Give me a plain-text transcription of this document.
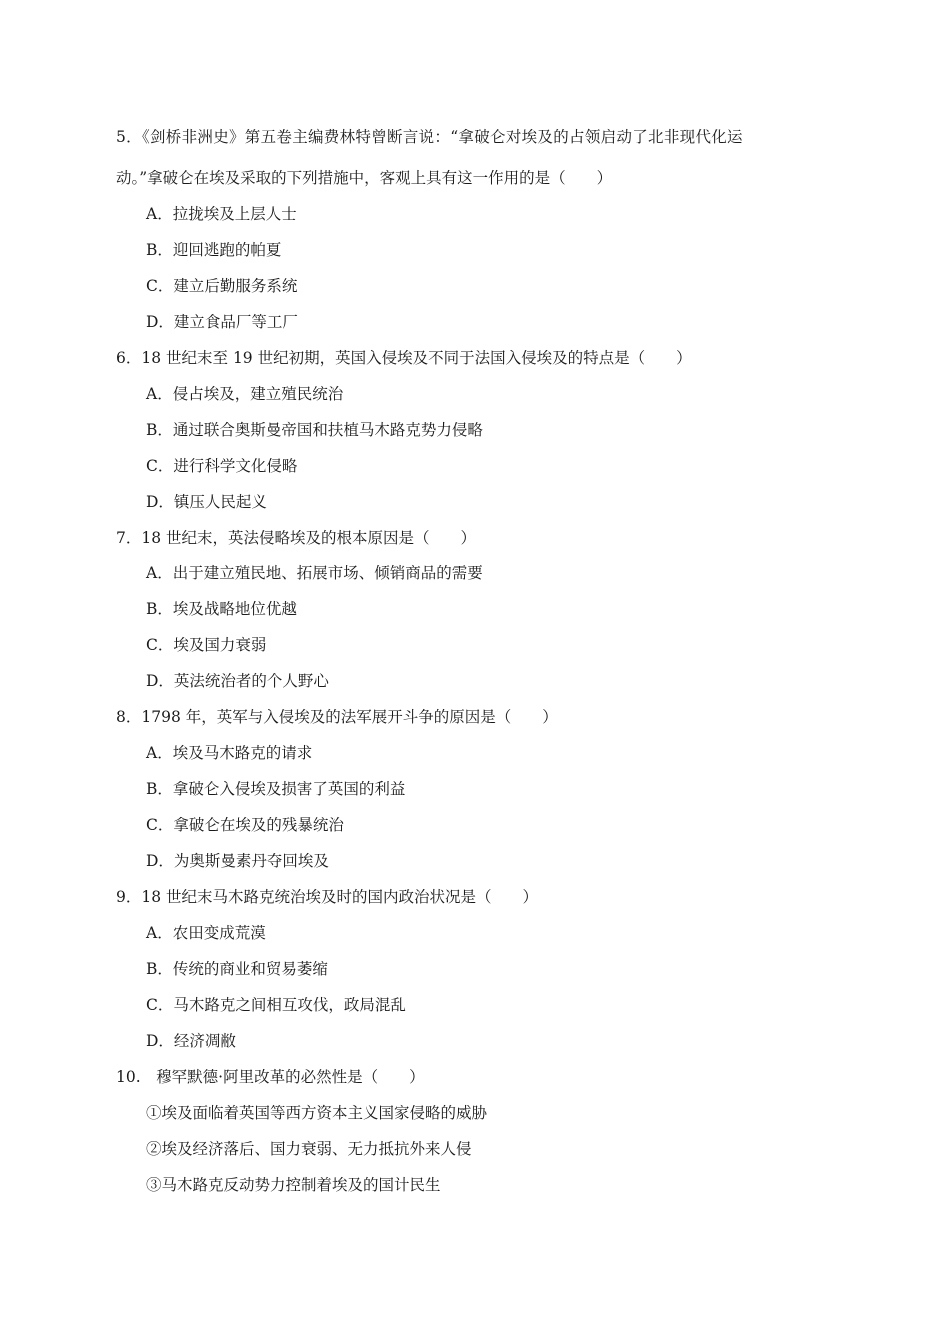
5．《剑桥非洲史》第五卷主编费林特曾断言说：“拿破仑对埃及的占领启动了北非现代化运
动。”拿破仑在埃及采取的下列措施中，客观上具有这一作用的是（　　）
A．拉拢埃及上层人士
B．迎回逃跑的帕夏
C．建立后勤服务系统
D．建立食品厂等工厂
6．18 世纪末至 19 世纪初期，英国入侵埃及不同于法国入侵埃及的特点是（　　）
A．侵占埃及，建立殖民统治
B．通过联合奥斯曼帝国和扶植马木路克势力侵略
C．进行科学文化侵略
D．镇压人民起义
7．18 世纪末，英法侵略埃及的根本原因是（　　）
A．出于建立殖民地、拓展市场、倾销商品的需要
B．埃及战略地位优越
C．埃及国力衰弱
D．英法统治者的个人野心
8．1798 年，英军与入侵埃及的法军展开斗争的原因是（　　）
A．埃及马木路克的请求
B．拿破仑入侵埃及损害了英国的利益
C．拿破仑在埃及的残暴统治
D．为奥斯曼素丹夺回埃及
9．18 世纪末马木路克统治埃及时的国内政治状况是（　　）
A．农田变成荒漠
B．传统的商业和贸易萎缩
C．马木路克之间相互攻伐，政局混乱
D．经济凋敝
10.　穆罕默德·阿里改革的必然性是（　　）
①埃及面临着英国等西方资本主义国家侵略的威胁
②埃及经济落后、国力衰弱、无力抵抗外来人侵
③马木路克反动势力控制着埃及的国计民生
